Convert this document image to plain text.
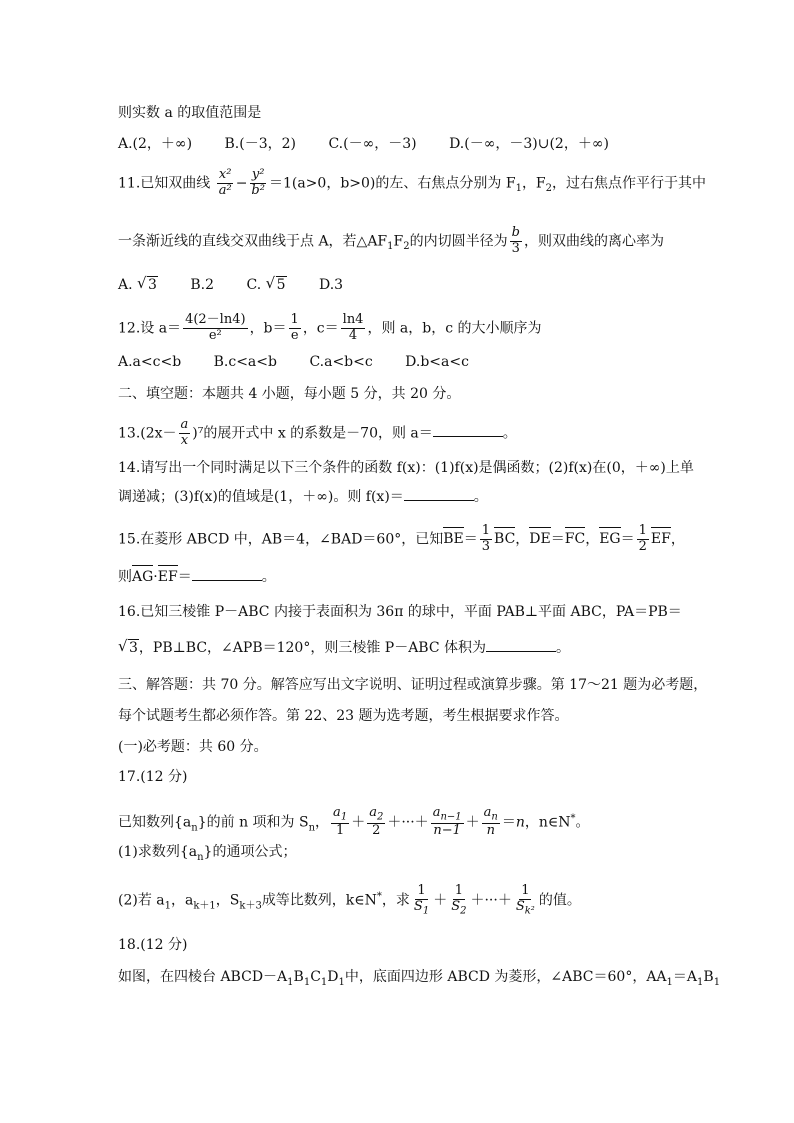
则实数 a 的取值范围是
A.(2，＋∞) B.(－3，2) C.(－∞，－3) D.(－∞，－3)∪(2，＋∞)
11.已知双曲线 $\frac{\text{x²}}{\text{a²}} - \frac{\text{y²}}{\text{b²}} =1(a>0$，b>0)的左、右焦点分别为 $F_1$，$F_2$，过右焦点作平行于其中
一条渐近线的直线交双曲线于点 A，若$\triangle AF_1F_2$的内切圆半径为 $\frac{b}{3}$ ，则双曲线的离心率为
A. √ 3 B.2 C. √ 5 D.3
12.设 $a= \frac{4(2-\ln 4)}{\text{e²}}$ ，$b= \frac{1}{e}$ ，$c= \frac{\ln 4}{4}$ ，则 a，b，c 的大小顺序为
A.a<c<b B.c<a<b C.a<b<c D.b<a<c
二、填空题：本题共 4 小题，每小题 5 分，共 20 分。
$13.(2x- \frac{a}{x} )^7$的展开式中 x 的系数是－70，则 a＝	。
14.请写出一个同时满足以下三个条件的函数 f(x)：(1)f(x)是偶函数；(2)f(x)在(0，＋∞)上单
调递减；(3)f(x)的值域是(1，＋∞)。则 f(x)＝	。
15.在菱形 ABCD 中，AB＝4，∠BAD＝60°，已知$BE= \frac{1}{3}$ BC，DE＝FC，$EG= \frac{1}{2}$ EF，
则AG·EF＝	。
16.已知三棱锥 P－ABC 内接于表面积为 36π 的球中，平面 PAB⊥平面 ABC，PA＝PB＝
√ 3，PB⊥BC，∠APB＝120°，则三棱锥 P－ABC 体积为	。
三、解答题：共 70 分。解答应写出文字说明、证明过程或演算步骤。第 17～21 题为必考题，
每个试题考生都必须作答。第 22、23 题为选考题，考生根据要求作答。
(一)必考题：共 60 分。
17.(12 分)
已知数列$\{a_n\}$的前 n 项和为 $S_n$， $\frac{a_1}{1} + \frac{a_2}{2}$ ＋···＋ $\frac{a_{n-1}}{n-1} + \frac{a_n}{n} =n$，n∈N*。
(1)求数列$\{a_n\}$的通项公式；
(2)若 $a_1$，$a_{k+1}$，$S_{k+3}$成等比数列，k∈N*，求 $\frac{1}{S_1} + \frac{1}{S_2}$ ＋···＋ $\frac{1}{S_{k^2}}$ 的值。
18.(12 分)
如图，在四棱台 $ABCD-A_1B_1C_1D_1$中，底面四边形 ABCD 为菱形，∠ABC＝60°，$AA_1=A_1B_1$
